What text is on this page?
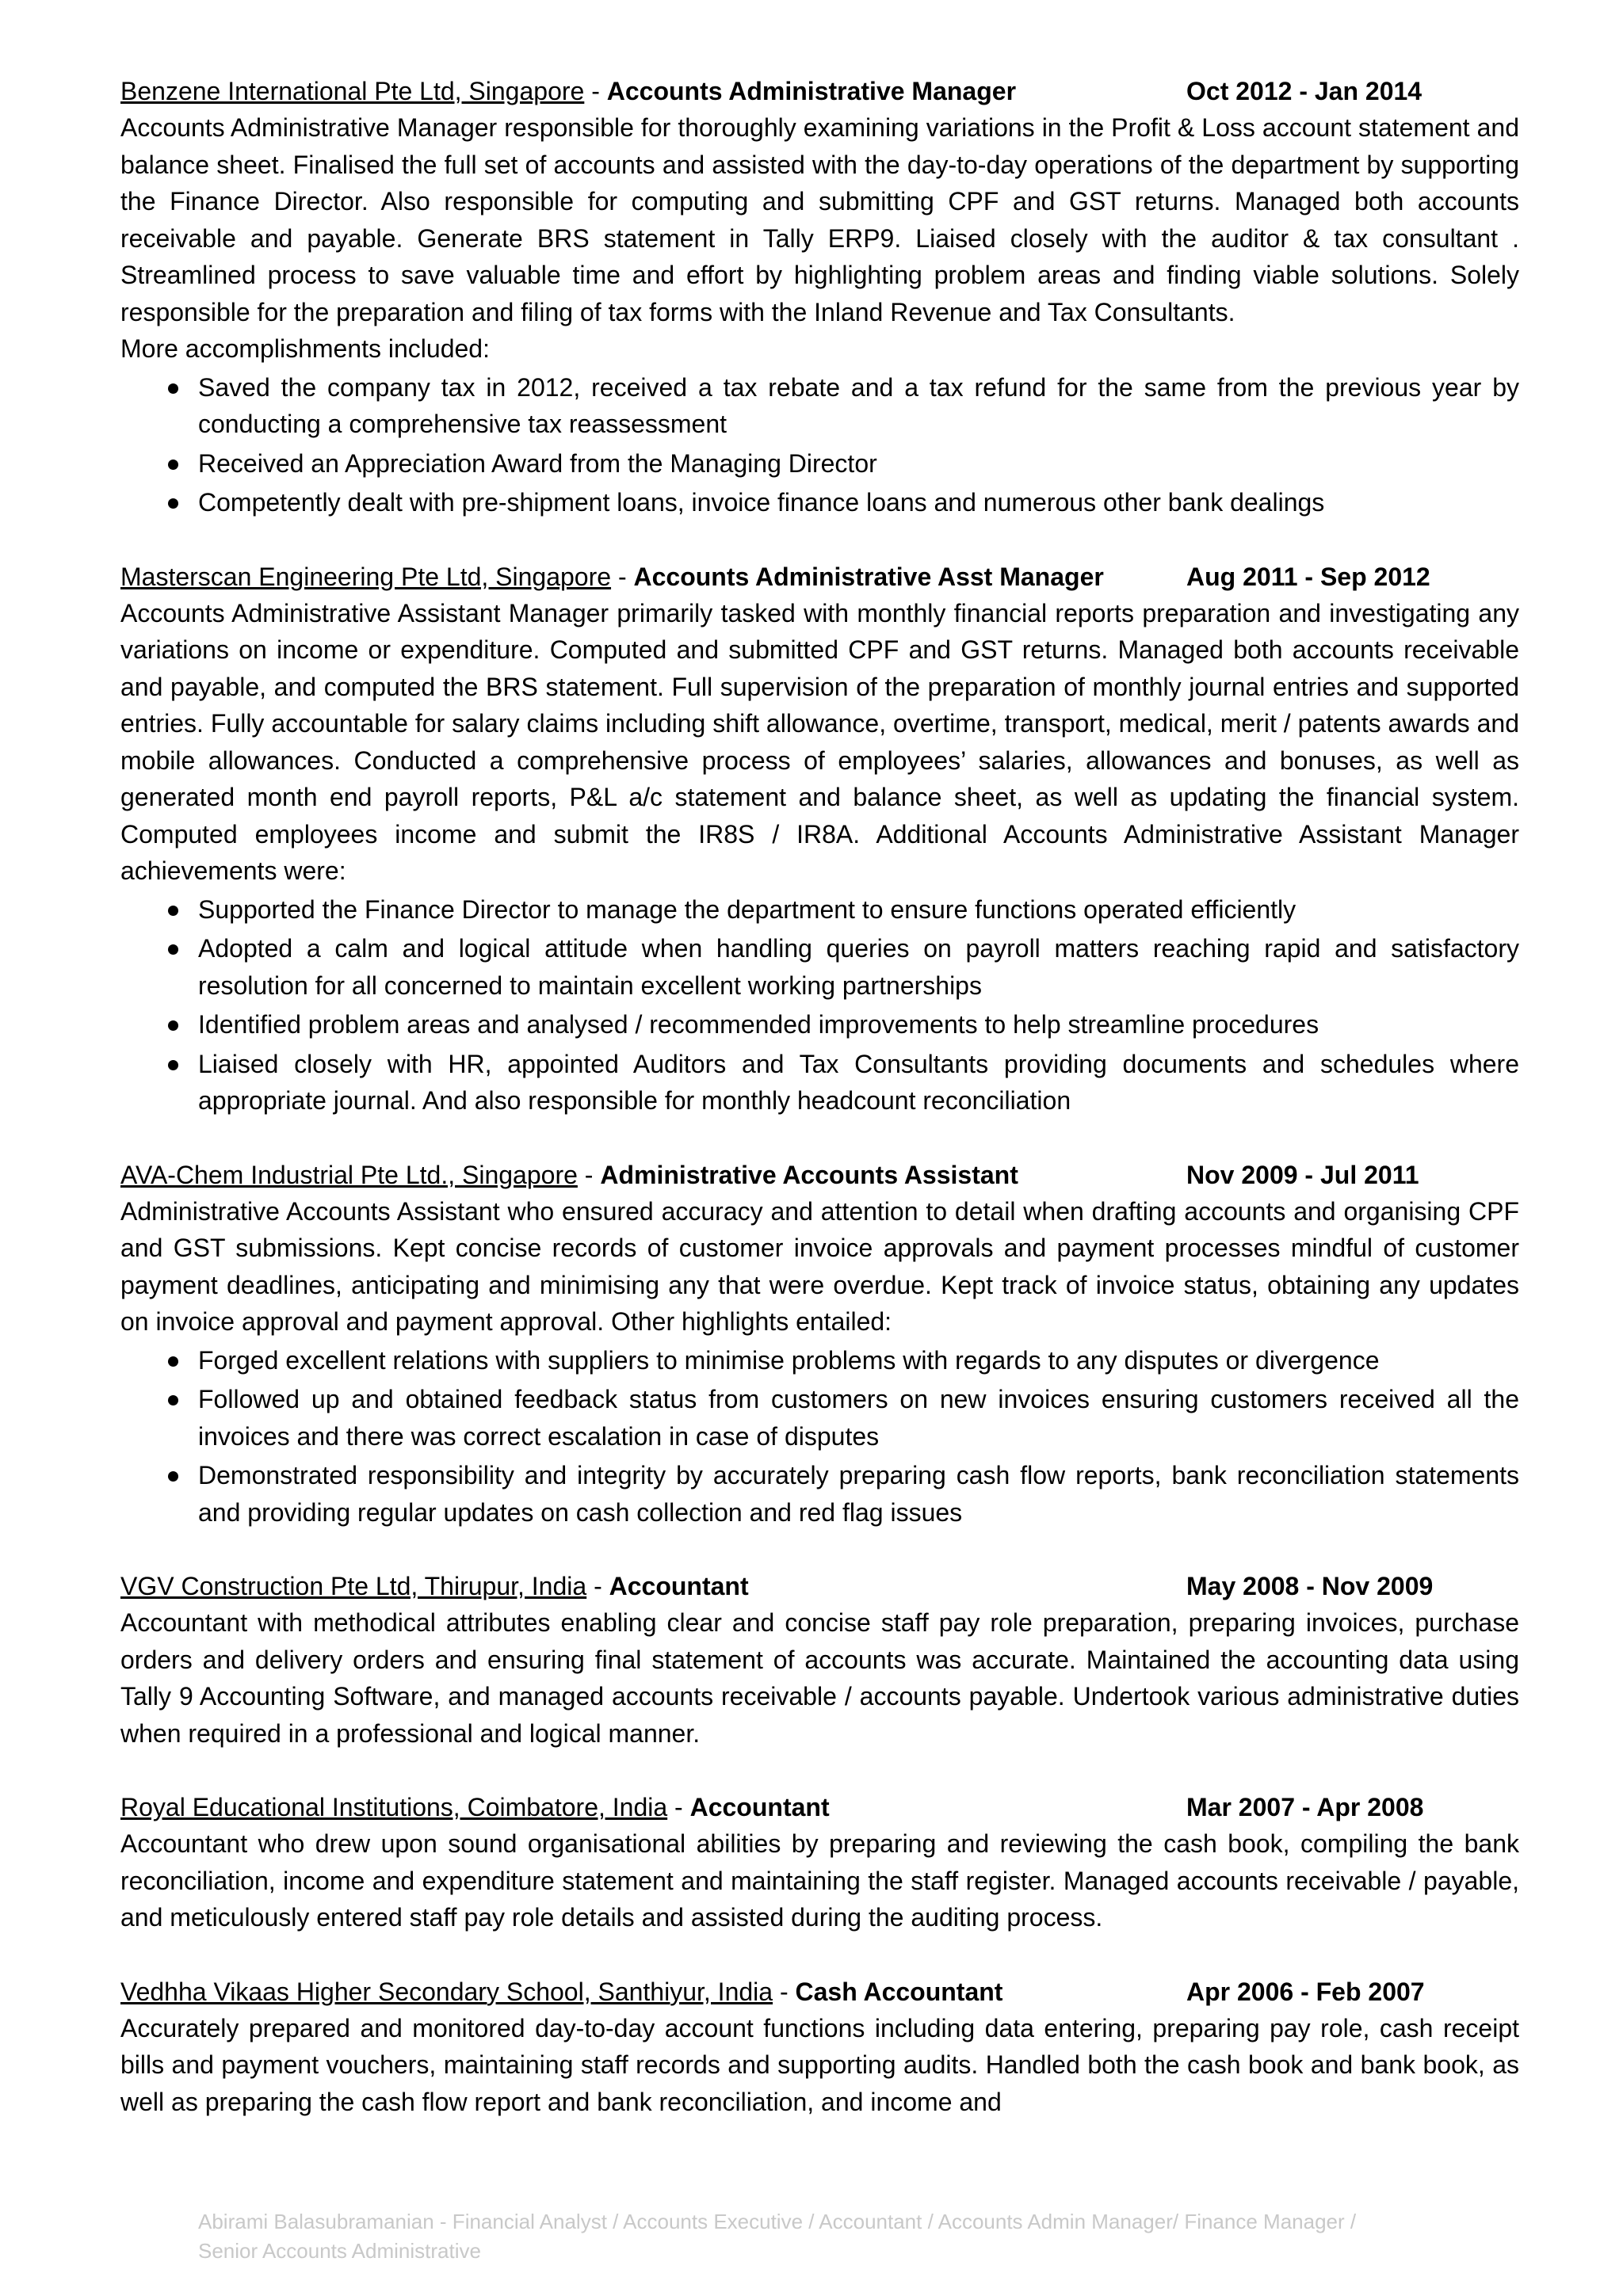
Benzene International Pte Ltd, Singapore - Accounts Administrative Manager	Oct 2012 - Jan 2014

Accounts Administrative Manager responsible for thoroughly examining variations in the Profit & Loss account statement and balance sheet. Finalised the full set of accounts and assisted with the day-to-day operations of the department by supporting the Finance Director. Also responsible for computing and submitting CPF and GST returns. Managed both accounts receivable and payable. Generate BRS statement in Tally ERP9. Liaised closely with the auditor & tax consultant . Streamlined process to save valuable time and effort by highlighting problem areas and finding viable solutions. Solely responsible for the preparation and filing of tax forms with the Inland Revenue and Tax Consultants.

More accomplishments included:

Saved the company tax in 2012, received a tax rebate and a tax refund for the same from the previous year by conducting a comprehensive tax reassessment
Received an Appreciation Award from the Managing Director
Competently dealt with pre-shipment loans, invoice finance loans and numerous other bank dealings
Masterscan Engineering Pte Ltd, Singapore - Accounts Administrative Asst Manager	Aug 2011 - Sep 2012

Accounts Administrative Assistant Manager primarily tasked with monthly financial reports preparation and investigating any variations on income or expenditure. Computed and submitted CPF and GST returns. Managed both accounts receivable and payable, and computed the BRS statement. Full supervision of the preparation of monthly journal entries and supported entries. Fully accountable for salary claims including shift allowance, overtime, transport, medical, merit / patents awards and mobile allowances. Conducted a comprehensive process of employees’ salaries, allowances and bonuses, as well as generated month end payroll reports, P&L a/c statement and balance sheet, as well as updating the financial system. Computed employees income and submit the IR8S / IR8A. Additional Accounts Administrative Assistant Manager achievements were:

Supported the Finance Director to manage the department to ensure functions operated efficiently
Adopted a calm and logical attitude when handling queries on payroll matters reaching rapid and satisfactory resolution for all concerned to maintain excellent working partnerships
Identified problem areas and analysed / recommended improvements to help streamline procedures
Liaised closely with HR, appointed Auditors and Tax Consultants providing documents and schedules where appropriate journal. And also responsible for monthly headcount reconciliation
AVA-Chem Industrial Pte Ltd., Singapore - Administrative Accounts Assistant	Nov 2009 - Jul 2011

Administrative Accounts Assistant who ensured accuracy and attention to detail when drafting accounts and organising CPF and GST submissions. Kept concise records of customer invoice approvals and payment processes mindful of customer payment deadlines, anticipating and minimising any that were overdue. Kept track of invoice status, obtaining any updates on invoice approval and payment approval. Other highlights entailed:

Forged excellent relations with suppliers to minimise problems with regards to any disputes or divergence
Followed up and obtained feedback status from customers on new invoices ensuring customers received all the invoices and there was correct escalation in case of disputes
Demonstrated responsibility and integrity by accurately preparing cash flow reports, bank reconciliation statements and providing regular updates on cash collection and red flag issues
VGV Construction Pte Ltd, Thirupur, India - Accountant	May 2008 - Nov 2009

Accountant with methodical attributes enabling clear and concise staff pay role preparation, preparing invoices, purchase orders and delivery orders and ensuring final statement of accounts was accurate. Maintained the accounting data using Tally 9 Accounting Software, and managed accounts receivable / accounts payable. Undertook various administrative duties when required in a professional and logical manner.

Royal Educational Institutions, Coimbatore, India - Accountant	Mar 2007 - Apr 2008

Accountant who drew upon sound organisational abilities by preparing and reviewing the cash book, compiling the bank reconciliation, income and expenditure statement and maintaining the staff register. Managed accounts receivable / payable, and meticulously entered staff pay role details and assisted during the auditing process.

Vedhha Vikaas Higher Secondary School, Santhiyur, India - Cash Accountant	Apr 2006 - Feb 2007

Accurately prepared and monitored day-to-day account functions including data entering, preparing pay role, cash receipt bills and payment vouchers, maintaining staff records and supporting audits. Handled both the cash book and bank book, as well as preparing the cash flow report and bank reconciliation, and income and

Abirami Balasubramanian - Financial Analyst / Accounts Executive / Accountant / Accounts Admin Manager/ Finance Manager / Senior Accounts Administrative
